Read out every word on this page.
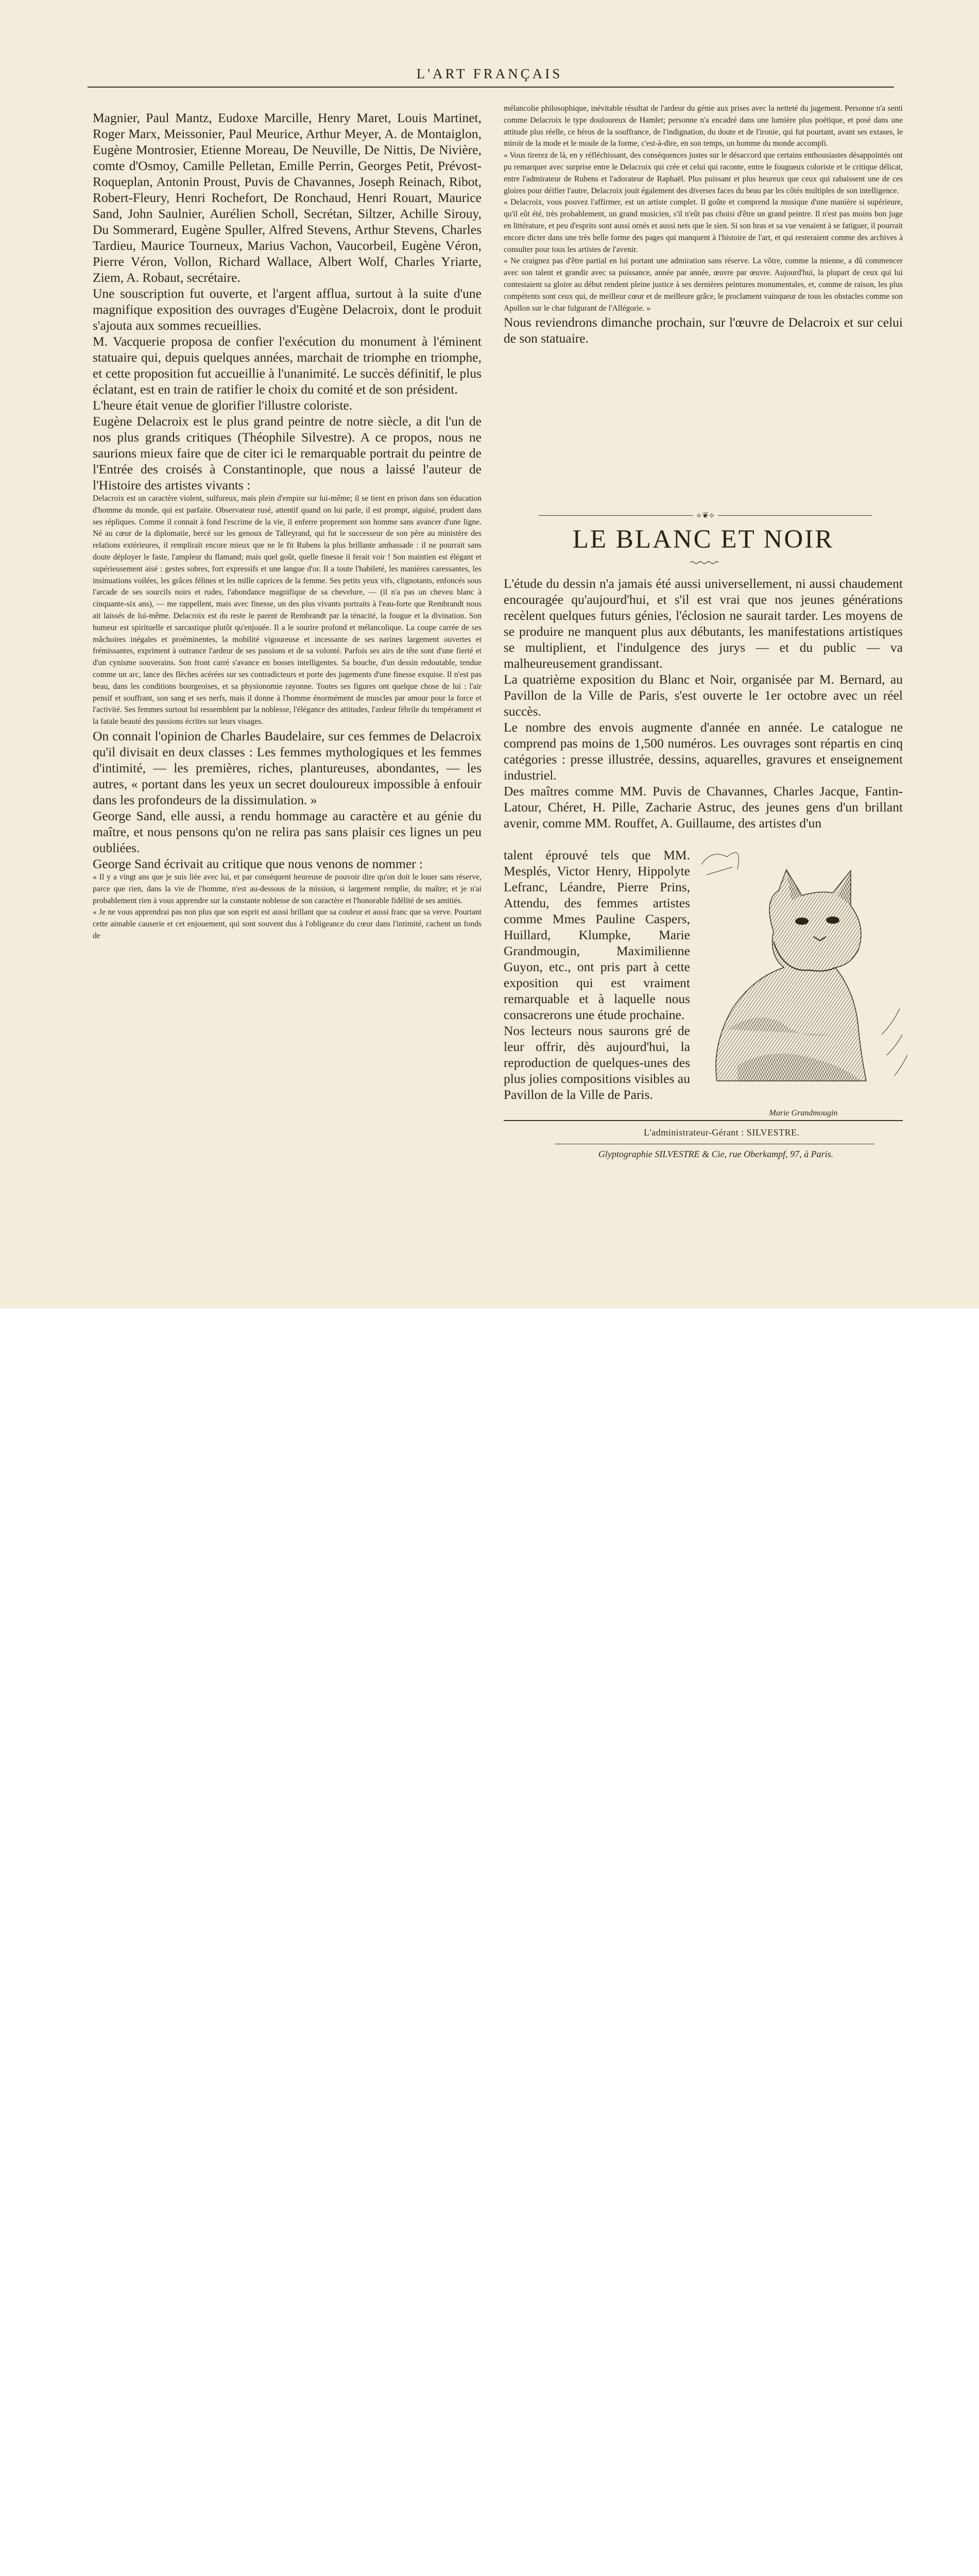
L'ART FRANÇAIS

Magnier, Paul Mantz, Eudoxe Marcille, Henry Maret, Louis Martinet, Roger Marx, Meissonier, Paul Meurice, Arthur Meyer, A. de Montaiglon, Eugène Montrosier, Etienne Moreau, De Neuville, De Nittis, De Nivière, comte d'Osmoy, Camille Pelletan, Emille Perrin, Georges Petit, Prévost-Roqueplan, Antonin Proust, Puvis de Chavannes, Joseph Reinach, Ribot, Robert-Fleury, Henri Rochefort, De Ronchaud, Henri Rouart, Maurice Sand, John Saulnier, Aurélien Scholl, Secrétan, Siltzer, Achille Sirouy, Du Sommerard, Eugène Spuller, Alfred Stevens, Arthur Stevens, Charles Tardieu, Maurice Tourneux, Marius Vachon, Vaucorbeil, Eugène Véron, Pierre Véron, Vollon, Richard Wallace, Albert Wolf, Charles Yriarte, Ziem, A. Robaut, secrétaire.

Une souscription fut ouverte, et l'argent afflua, surtout à la suite d'une magnifique exposition des ouvrages d'Eugène Delacroix, dont le produit s'ajouta aux sommes recueillies.

M. Vacquerie proposa de confier l'exécution du monument à l'éminent statuaire qui, depuis quelques années, marchait de triomphe en triomphe, et cette proposition fut accueillie à l'unanimité. Le succès définitif, le plus éclatant, est en train de ratifier le choix du comité et de son président.

L'heure était venue de glorifier l'illustre coloriste.

Eugène Delacroix est le plus grand peintre de notre siècle, a dit l'un de nos plus grands critiques (Théophile Silvestre). A ce propos, nous ne saurions mieux faire que de citer ici le remarquable portrait du peintre de l'Entrée des croisés à Constantinople, que nous a laissé l'auteur de l'Histoire des artistes vivants :

Delacroix est un caractère violent, sulfureux, mais plein d'empire sur lui-même; il se tient en prison dans son éducation d'homme du monde, qui est parfaite. Observateur rusé, attentif quand on lui parle, il est prompt, aiguisé, prudent dans ses répliques. Comme il connait à fond l'escrime de la vie, il enferre proprement son homme sans avancer d'une ligne. Né au cœur de la diplomatie, bercé sur les genoux de Talleyrand, qui fut le successeur de son père au ministère des relations extérieures, il remplirait encore mieux que ne le fit Rubens la plus brillante ambassade : il ne pourrait sans doute déployer le faste, l'ampleur du flamand; mais quel goût, quelle finesse il ferait voir ! Son maintien est élégant et supérieusement aisé : gestes sobres, fort expressifs et une langue d'or. Il a toute l'habileté, les manières caressantes, les insinuations voilées, les grâces félines et les mille caprices de la femme. Ses petits yeux vifs, clignotants, enfoncés sous l'arcade de ses sourcils noirs et rudes, l'abondance magnifique de sa chevelure, — (il n'a pas un cheveu blanc à cinquante-six ans), — me rappellent, mais avec finesse, un des plus vivants portraits à l'eau-forte que Rembrandt nous ait laissés de lui-même. Delacroix est du reste le parent de Rembrandt par la ténacité, la fougue et la divination. Son humeur est spirituelle et sarcastique plutôt qu'enjouée. Il a le sourire profond et mélancolique. La coupe carrée de ses mâchoires inégales et proéminentes, la mobilité vigoureuse et incessante de ses narines largement ouvertes et frémissantes, expriment à outrance l'ardeur de ses passions et de sa volonté. Parfois ses airs de tête sont d'une fierté et d'un cynisme souverains. Son front carré s'avance en bosses intelligentes. Sa bouche, d'un dessin redoutable, tendue comme un arc, lance des flèches acérées sur ses contradicteurs et porte des jugements d'une finesse exquise. Il n'est pas beau, dans les conditions bourgeoises, et sa physionomie rayonne. Toutes ses figures ont quelque chose de lui : l'air pensif et souffrant, son sang et ses nerfs, mais il donne à l'homme énormément de muscles par amour pour la force et l'activité. Ses femmes surtout lui ressemblent par la noblesse, l'élégance des attitudes, l'ardeur fébrile du tempérament et la fatale beauté des passions écrites sur leurs visages.

On connait l'opinion de Charles Baudelaire, sur ces femmes de Delacroix qu'il divisait en deux classes : Les femmes mythologiques et les femmes d'intimité, — les premières, riches, plantureuses, abondantes, — les autres, « portant dans les yeux un secret douloureux impossible à enfouir dans les profondeurs de la dissimulation. »

George Sand, elle aussi, a rendu hommage au caractère et au génie du maître, et nous pensons qu'on ne relira pas sans plaisir ces lignes un peu oubliées.

George Sand écrivait au critique que nous venons de nommer :

« Il y a vingt ans que je suis liée avec lui, et par conséquent heureuse de pouvoir dire qu'on doit le louer sans réserve, parce que rien, dans la vie de l'homme, n'est au-dessous de la mission, si largement remplie, du maître; et je n'ai probablement rien à vous apprendre sur la constante noblesse de son caractère et l'honorable fidélité de ses amitiés.

« Je ne vous apprendrai pas non plus que son esprit est aussi brillant que sa couleur et aussi franc que sa verve. Pourtant cette aimable causerie et cet enjouement, qui sont souvent dus à l'obligeance du cœur dans l'intimité, cachent un fonds de

mélancolie philosophique, inévitable résultat de l'ardeur du génie aux prises avec la netteté du jugement. Personne n'a senti comme Delacroix le type douloureux de Hamlet; personne n'a encadré dans une lumière plus poétique, et posé dans une attitude plus réelle, ce héros de la souffrance, de l'indignation, du doute et de l'ironie, qui fut pourtant, avant ses extases, le miroir de la mode et le moule de la forme, c'est-à-dire, en son temps, un homme du monde accompli.

« Vous tirerez de là, en y réfléchissant, des conséquences justes sur le désaccord que certains enthousiastes désappointés ont pu remarquer avec surprise entre le Delacroix qui crée et celui qui raconte, entre le fougueux coloriste et le critique délicat, entre l'admirateur de Rubens et l'adorateur de Raphaël. Plus puissant et plus heureux que ceux qui rabaissent une de ces gloires pour déifier l'autre, Delacroix jouit également des diverses faces du beau par les côtés multiples de son intelligence.

« Delacroix, vous pouvez l'affirmer, est un artiste complet. Il goûte et comprend la musique d'une manière si supérieure, qu'il eût été, très probablement, un grand musicien, s'il n'eût pas choisi d'être un grand peintre. Il n'est pas moins bon juge en littérature, et peu d'esprits sont aussi ornés et aussi nets que le sien. Si son bras et sa vue venaient à se fatiguer, il pourrait encore dicter dans une très belle forme des pages qui manquent à l'histoire de l'art, et qui resteraient comme des archives à consulter pour tous les artistes de l'avenir.

« Ne craignez pas d'être partial en lui portant une admiration sans réserve. La vôtre, comme la mienne, a dû commencer avec son talent et grandir avec sa puissance, année par année, œuvre par œuvre. Aujourd'hui, la plupart de ceux qui lui contestaient sa gloire au début rendent pleine justice à ses dernières peintures monumentales, et, comme de raison, les plus compétents sont ceux qui, de meilleur cœur et de meilleure grâce, le proclament vainqueur de tous les obstacles comme son Apollon sur le char fulgurant de l'Allégorie. »

Nous reviendrons dimanche prochain, sur l'œuvre de Delacroix et sur celui de son statuaire.

⟡❦⟡
LE BLANC ET NOIR

L'étude du dessin n'a jamais été aussi universellement, ni aussi chaudement encouragée qu'aujourd'hui, et s'il est vrai que nos jeunes générations recèlent quelques futurs génies, l'éclosion ne saurait tarder. Les moyens de se produire ne manquent plus aux débutants, les manifestations artistiques se multiplient, et l'indulgence des jurys — et du public — va malheureusement grandissant.

La quatrième exposition du Blanc et Noir, organisée par M. Bernard, au Pavillon de la Ville de Paris, s'est ouverte le 1er octobre avec un réel succès.

Le nombre des envois augmente d'année en année. Le catalogue ne comprend pas moins de 1,500 numéros. Les ouvrages sont répartis en cinq catégories : presse illustrée, dessins, aquarelles, gravures et enseignement industriel.

Des maîtres comme MM. Puvis de Chavannes, Charles Jacque, Fantin-Latour, Chéret, H. Pille, Zacharie Astruc, des jeunes gens d'un brillant avenir, comme MM. Rouffet, A. Guillaume, des artistes d'un

talent éprouvé tels que MM. Mesplés, Victor Henry, Hippolyte Lefranc, Léandre, Pierre Prins, Attendu, des femmes artistes comme Mmes Pauline Caspers, Huillard, Klumpke, Marie Grandmougin, Maximilienne Guyon, etc., ont pris part à cette exposition qui est vraiment remarquable et à laquelle nous consacrerons une étude prochaine.

Nos lecteurs nous saurons gré de leur offrir, dès aujourd'hui, la reproduction de quelques-unes des plus jolies compositions visibles au Pavillon de la Ville de Paris.

Marie Grandmougin
L'administrateur-Gérant : SILVESTRE.
Glyptographie SILVESTRE & Cie, rue Oberkampf, 97, à Paris.
